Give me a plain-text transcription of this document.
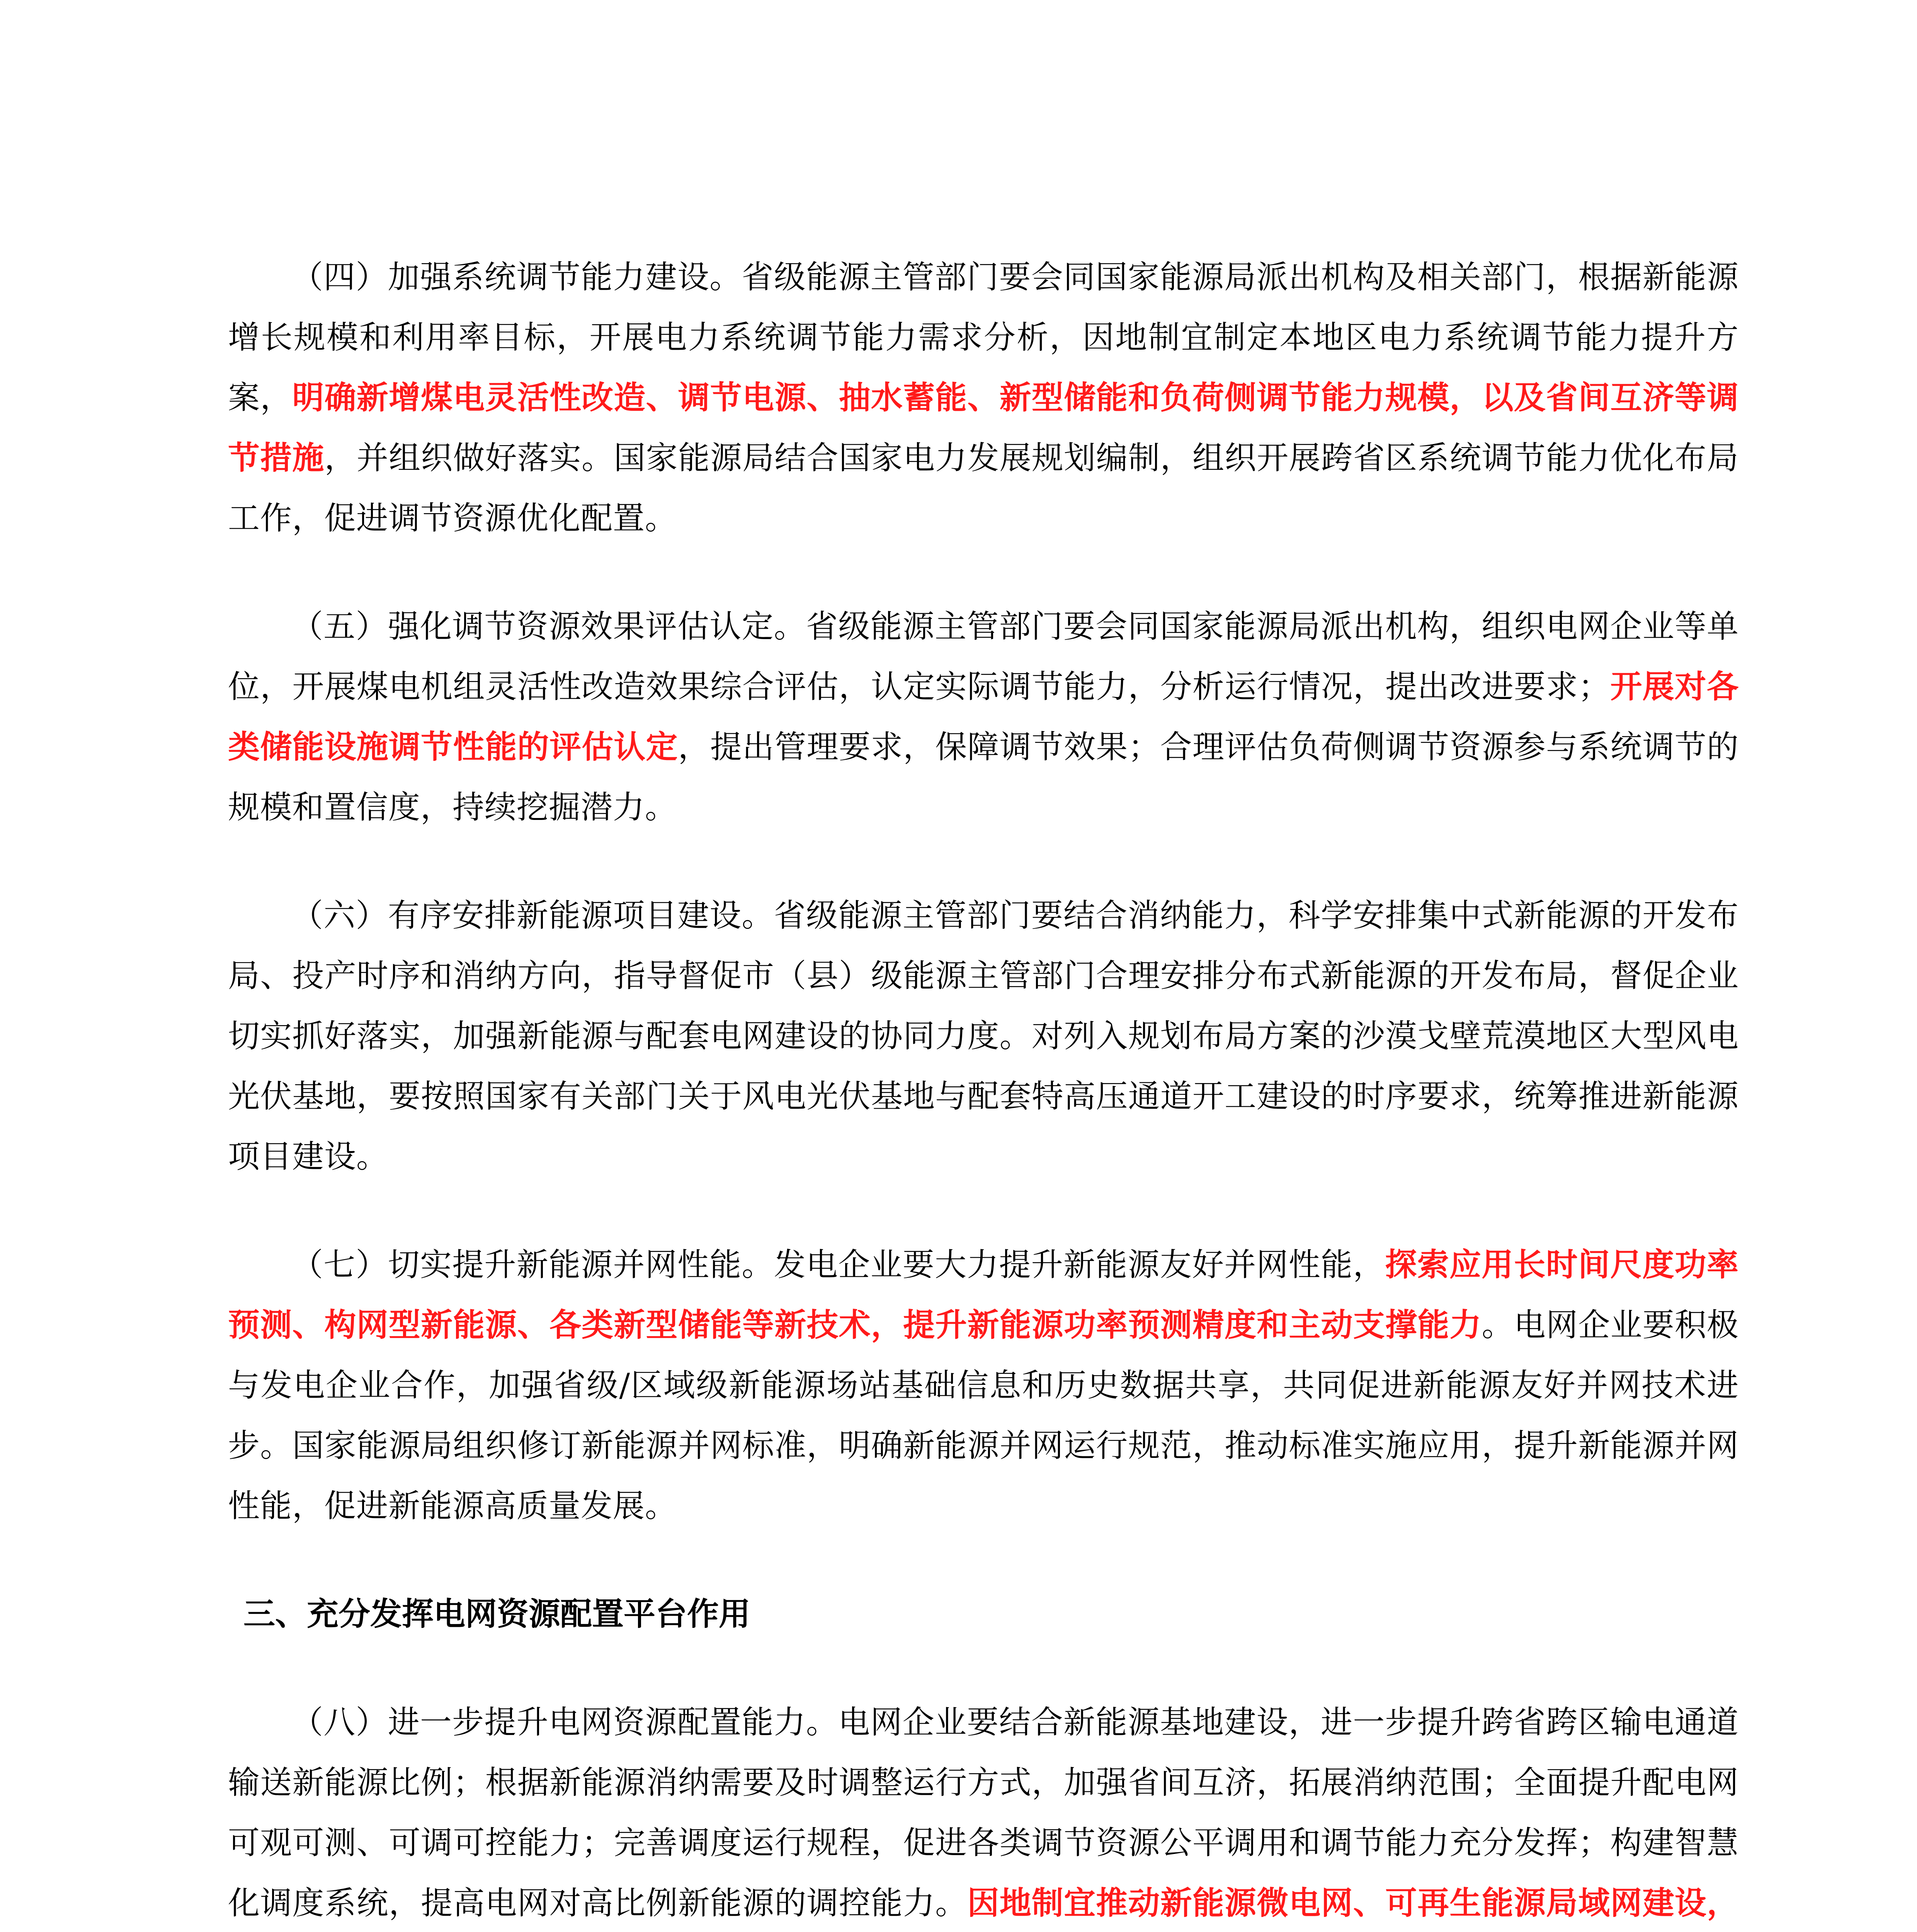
（四）加强系统调节能力建设。省级能源主管部门要会同国家能源局派出机构及相关部门，根据新能源增长规模和利用率目标，开展电力系统调节能力需求分析，因地制宜制定本地区电力系统调节能力提升方案，明确新增煤电灵活性改造、调节电源、抽水蓄能、新型储能和负荷侧调节能力规模，以及省间互济等调节措施，并组织做好落实。国家能源局结合国家电力发展规划编制，组织开展跨省区系统调节能力优化布局工作，促进调节资源优化配置。

（五）强化调节资源效果评估认定。省级能源主管部门要会同国家能源局派出机构，组织电网企业等单位，开展煤电机组灵活性改造效果综合评估，认定实际调节能力，分析运行情况，提出改进要求；开展对各类储能设施调节性能的评估认定，提出管理要求，保障调节效果；合理评估负荷侧调节资源参与系统调节的规模和置信度，持续挖掘潜力。

（六）有序安排新能源项目建设。省级能源主管部门要结合消纳能力，科学安排集中式新能源的开发布局、投产时序和消纳方向，指导督促市（县）级能源主管部门合理安排分布式新能源的开发布局，督促企业切实抓好落实，加强新能源与配套电网建设的协同力度。对列入规划布局方案的沙漠戈壁荒漠地区大型风电光伏基地，要按照国家有关部门关于风电光伏基地与配套特高压通道开工建设的时序要求，统筹推进新能源项目建设。

（七）切实提升新能源并网性能。发电企业要大力提升新能源友好并网性能，探索应用长时间尺度功率预测、构网型新能源、各类新型储能等新技术，提升新能源功率预测精度和主动支撑能力。电网企业要积极与发电企业合作，加强省级/区域级新能源场站基础信息和历史数据共享，共同促进新能源友好并网技术进步。国家能源局组织修订新能源并网标准，明确新能源并网运行规范，推动标准实施应用，提升新能源并网性能，促进新能源高质量发展。

三、充分发挥电网资源配置平台作用

（八）进一步提升电网资源配置能力。电网企业要结合新能源基地建设，进一步提升跨省跨区输电通道输送新能源比例；根据新能源消纳需要及时调整运行方式，加强省间互济，拓展消纳范围；全面提升配电网可观可测、可调可控能力；完善调度运行规程，促进各类调节资源公平调用和调节能力充分发挥；构建智慧化调度系统，提高电网对高比例新能源的调控能力。因地制宜推动新能源微电网、可再生能源局域网建设，
